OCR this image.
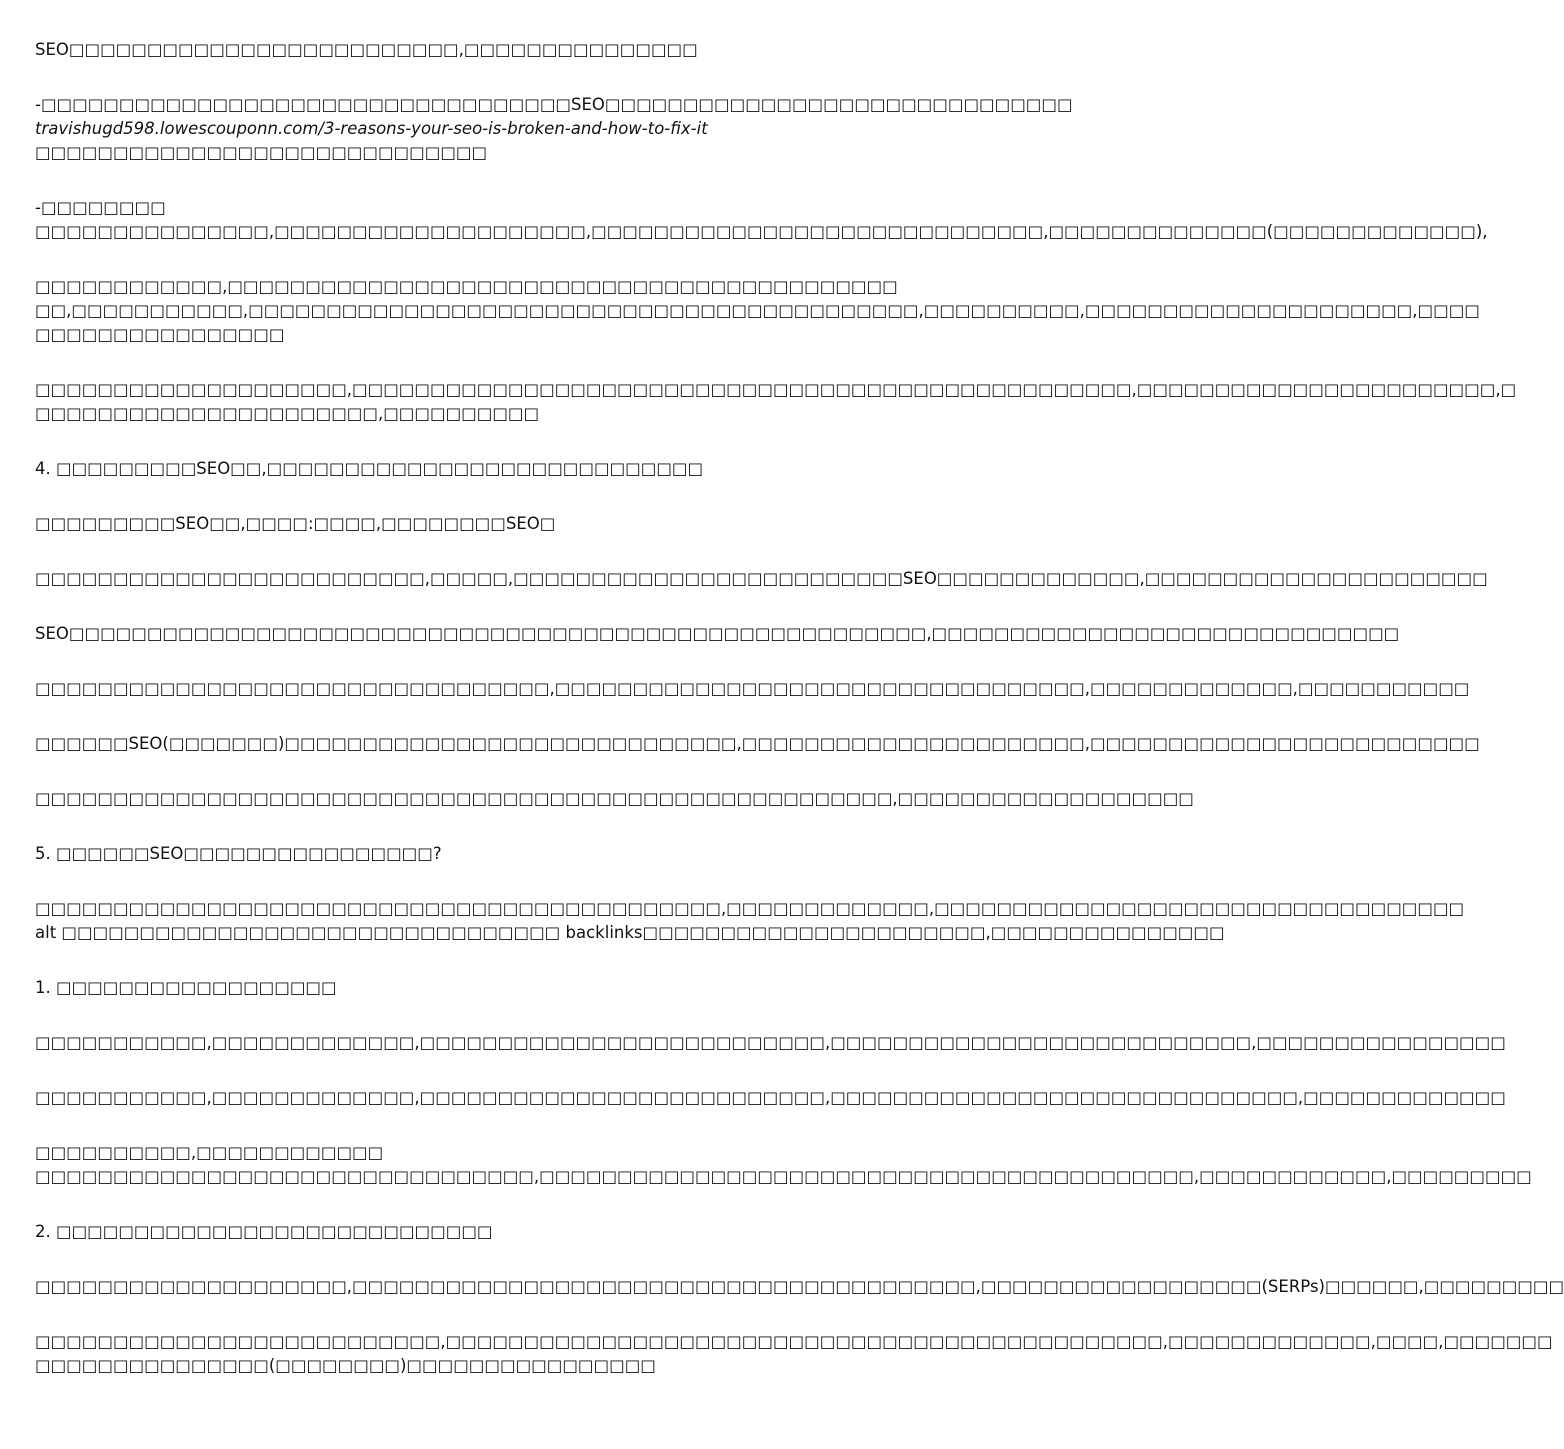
SEO□□□□□□□□□□□□□□□□□□□□□□□□□,□□□□□□□□□□□□□□□

-□□□□□□□□□□□□□□□□□□□□□□□□□□□□□□□□□□SEO□□□□□□□□□□□□□□□□□□□□□□□□□□□□□□
travishugd598.lowescouponn.com/3-reasons-your-seo-is-broken-and-how-to-fix-it
□□□□□□□□□□□□□□□□□□□□□□□□□□□□□

-□□□□□□□□
□□□□□□□□□□□□□□□,□□□□□□□□□□□□□□□□□□□□,□□□□□□□□□□□□□□□□□□□□□□□□□□□□□,□□□□□□□□□□□□□□(□□□□□□□□□□□□□),

□□□□□□□□□□□□,□□□□□□□□□□□□□□□□□□□□□□□□□□□□□□□□□□□□□□□□□□□
□□,□□□□□□□□□□□,□□□□□□□□□□□□□□□□□□□□□□□□□□□□□□□□□□□□□□□□□□□,□□□□□□□□□□,□□□□□□□□□□□□□□□□□□□□□,□□□□
□□□□□□□□□□□□□□□□

□□□□□□□□□□□□□□□□□□□□,□□□□□□□□□□□□□□□□□□□□□□□□□□□□□□□□□□□□□□□□□□□□□□□□□□,□□□□□□□□□□□□□□□□□□□□□□□,□
□□□□□□□□□□□□□□□□□□□□□□,□□□□□□□□□□

4. □□□□□□□□□SEO□□,□□□□□□□□□□□□□□□□□□□□□□□□□□□□

□□□□□□□□□SEO□□,□□□□:□□□□,□□□□□□□□SEO□

□□□□□□□□□□□□□□□□□□□□□□□□□,□□□□□,□□□□□□□□□□□□□□□□□□□□□□□□□SEO□□□□□□□□□□□□□,□□□□□□□□□□□□□□□□□□□□□□

SEO□□□□□□□□□□□□□□□□□□□□□□□□□□□□□□□□□□□□□□□□□□□□□□□□□□□□□□□,□□□□□□□□□□□□□□□□□□□□□□□□□□□□□□

□□□□□□□□□□□□□□□□□□□□□□□□□□□□□□□□□,□□□□□□□□□□□□□□□□□□□□□□□□□□□□□□□□□□,□□□□□□□□□□□□□,□□□□□□□□□□□

□□□□□□SEO(□□□□□□□)□□□□□□□□□□□□□□□□□□□□□□□□□□□□□,□□□□□□□□□□□□□□□□□□□□□□,□□□□□□□□□□□□□□□□□□□□□□□□□

□□□□□□□□□□□□□□□□□□□□□□□□□□□□□□□□□□□□□□□□□□□□□□□□□□□□□□□,□□□□□□□□□□□□□□□□□□□

5. □□□□□□SEO□□□□□□□□□□□□□□□□?

□□□□□□□□□□□□□□□□□□□□□□□□□□□□□□□□□□□□□□□□□□□□,□□□□□□□□□□□□□,□□□□□□□□□□□□□□□□□□□□□□□□□□□□□□□□□□
alt □□□□□□□□□□□□□□□□□□□□□□□□□□□□□□□□ backlinks□□□□□□□□□□□□□□□□□□□□□□,□□□□□□□□□□□□□□□

1. □□□□□□□□□□□□□□□□□□

□□□□□□□□□□□,□□□□□□□□□□□□□,□□□□□□□□□□□□□□□□□□□□□□□□□□,□□□□□□□□□□□□□□□□□□□□□□□□□□□,□□□□□□□□□□□□□□□□

□□□□□□□□□□□,□□□□□□□□□□□□□,□□□□□□□□□□□□□□□□□□□□□□□□□□,□□□□□□□□□□□□□□□□□□□□□□□□□□□□□□,□□□□□□□□□□□□□

□□□□□□□□□□,□□□□□□□□□□□□
□□□□□□□□□□□□□□□□□□□□□□□□□□□□□□□□,□□□□□□□□□□□□□□□□□□□□□□□□□□□□□□□□□□□□□□□□□□,□□□□□□□□□□□□,□□□□□□□□□

2. □□□□□□□□□□□□□□□□□□□□□□□□□□□□

□□□□□□□□□□□□□□□□□□□□,□□□□□□□□□□□□□□□□□□□□□□□□□□□□□□□□□□□□□□□□,□□□□□□□□□□□□□□□□□□(SERPs)□□□□□□,□□□□□□□□□

□□□□□□□□□□□□□□□□□□□□□□□□□□,□□□□□□□□□□□□□□□□□□□□□□□□□□□□□□□□□□□□□□□□□□□□□□,□□□□□□□□□□□□□,□□□□,□□□□□□□
□□□□□□□□□□□□□□□(□□□□□□□□)□□□□□□□□□□□□□□□□
